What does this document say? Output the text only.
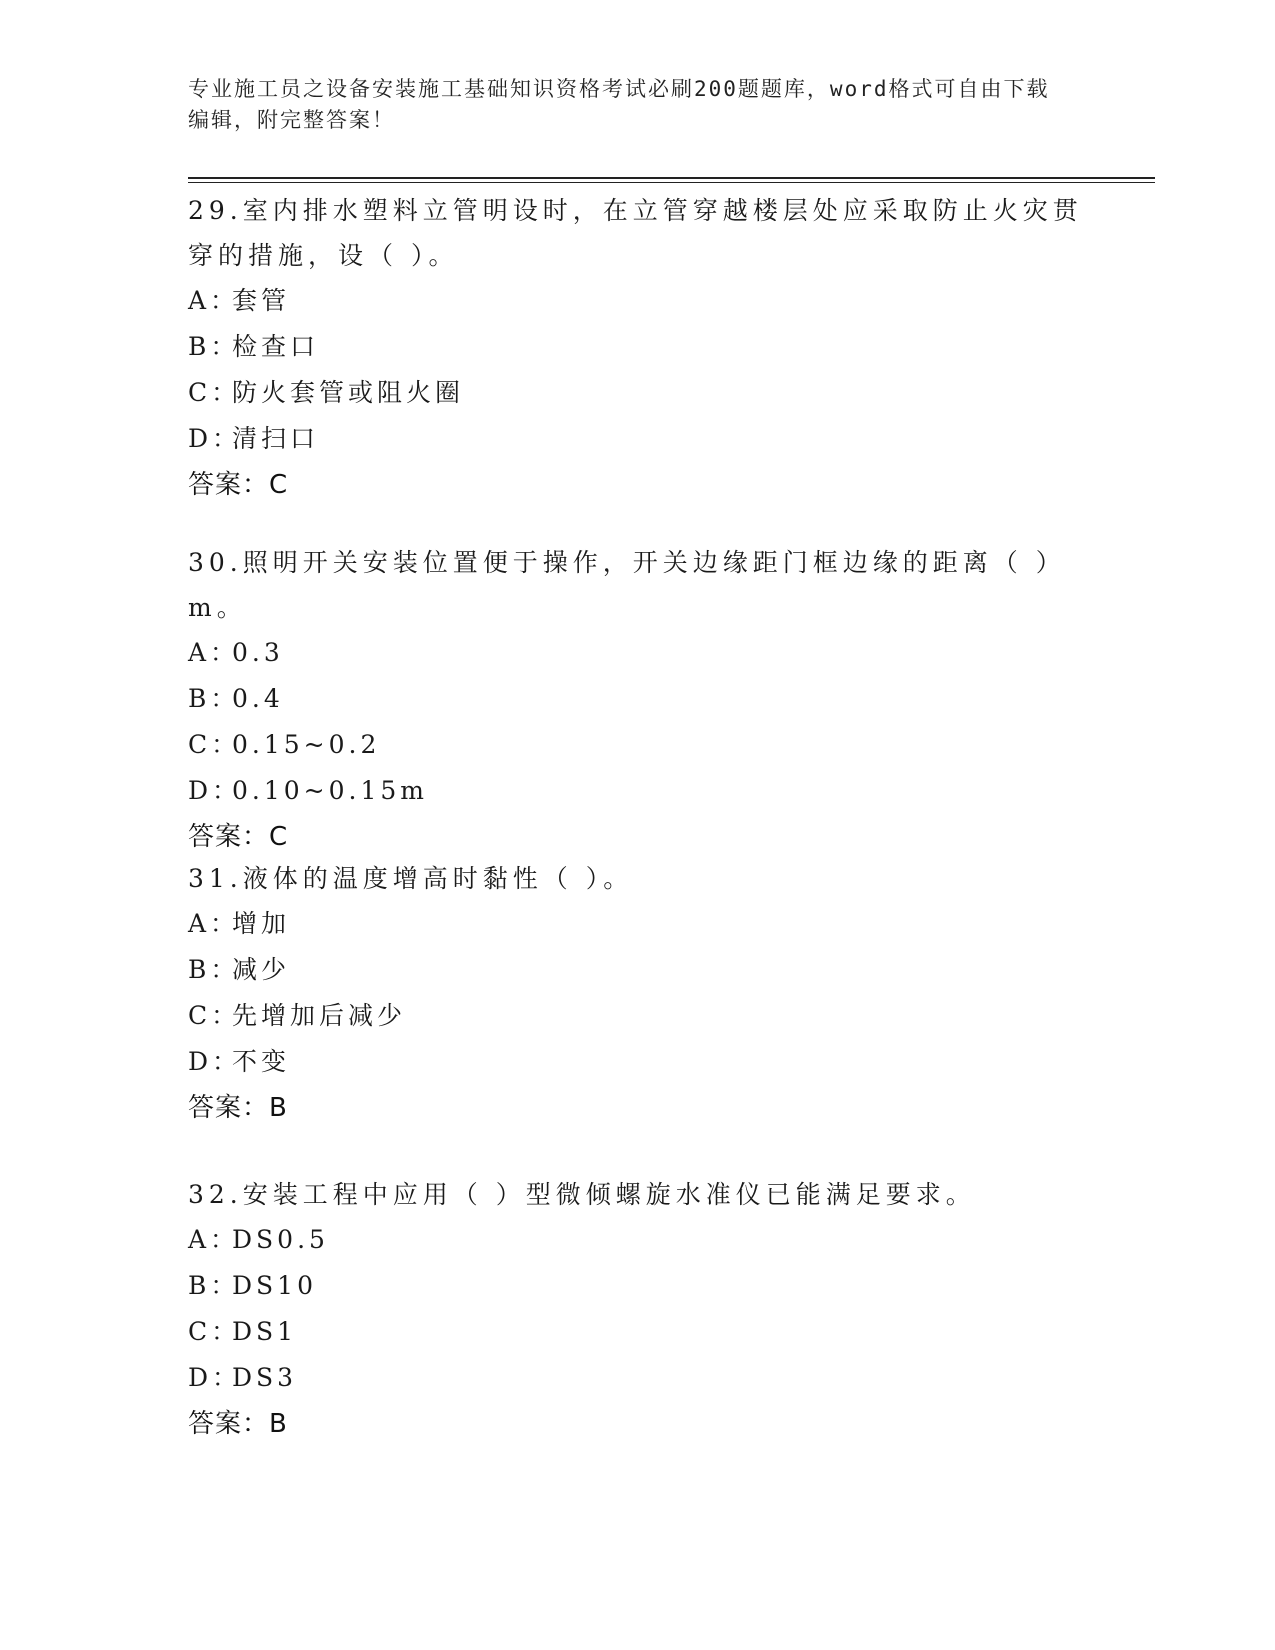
专业施工员之设备安装施工基础知识资格考试必刷200题题库，word格式可自由下载编辑，附完整答案！

29.室内排水塑料立管明设时，在立管穿越楼层处应采取防止火灾贯穿的措施，设（ ）。

A：套管
B：检查口
C：防火套管或阻火圈
D：清扫口
答案：C

30.照明开关安装位置便于操作，开关边缘距门框边缘的距离（ ）m。

A：0.3
B：0.4
C：0.15~0.2
D：0.10~0.15m
答案：C

31.液体的温度增高时黏性（ ）。

A：增加
B：减少
C：先增加后减少
D：不变
答案：B

32.安装工程中应用（ ）型微倾螺旋水准仪已能满足要求。

A：DS0.5
B：DS10
C：DS1
D：DS3
答案：B
